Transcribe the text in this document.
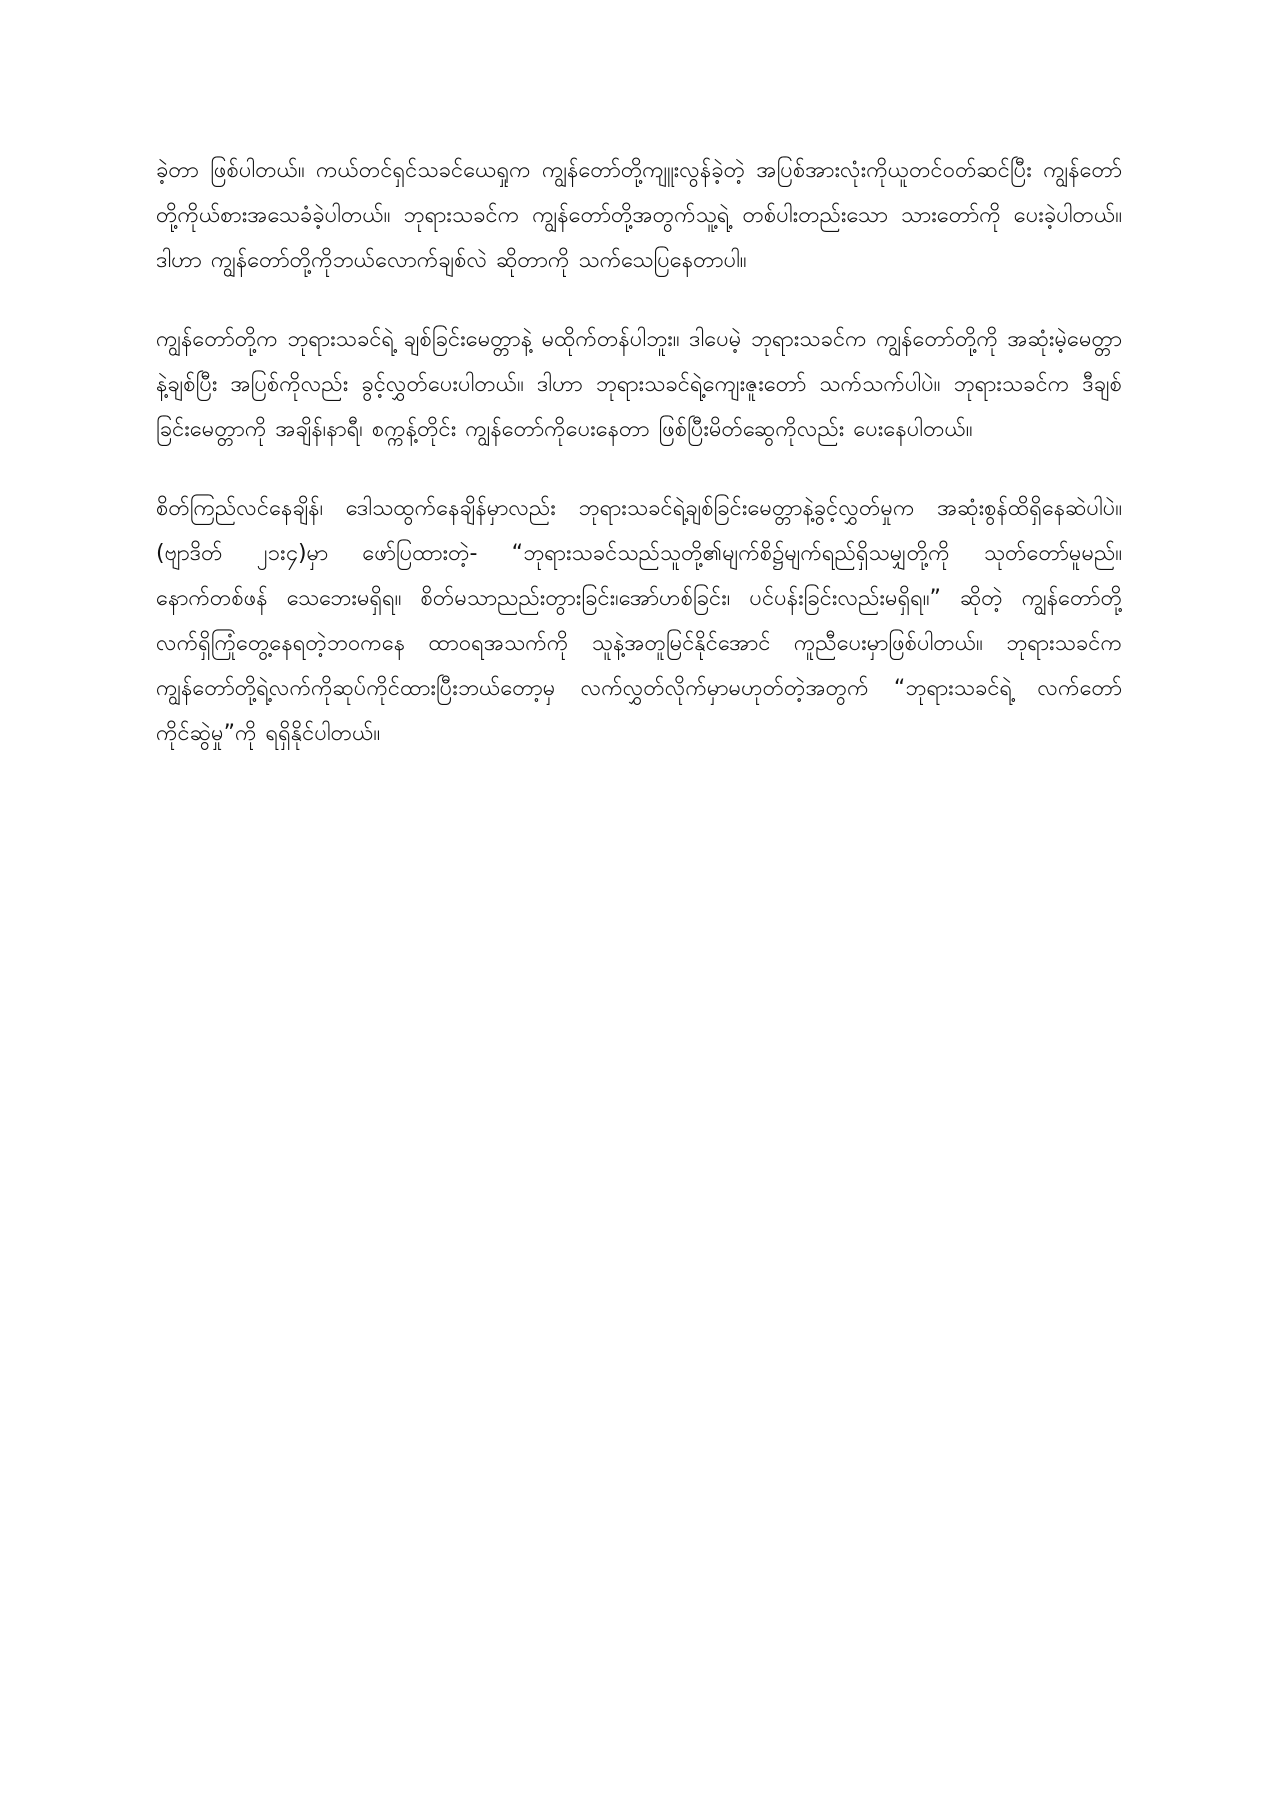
ခဲ့တာ ဖြစ်ပါတယ်။ ကယ်တင်ရှင်သခင်ယေရှုက ကျွန်တော်တို့ကျူးလွန်ခဲ့တဲ့ အပြစ်အားလုံးကိုယူတင်ဝတ်ဆင်ပြီး ကျွန်တော်တို့ကိုယ်စားအသေခံခဲ့ပါတယ်။ ဘုရားသခင်က ကျွန်တော်တို့အတွက်သူ့ရဲ့ တစ်ပါးတည်းသော သားတော်ကို ပေးခဲ့ပါတယ်။ ဒါဟာ ကျွန်တော်တို့ကိုဘယ်လောက်ချစ်လဲ ဆိုတာကို သက်သေပြနေတာပါ။

ကျွန်တော်တို့က ဘုရားသခင်ရဲ့ ချစ်ခြင်းမေတ္တာနဲ့ မထိုက်တန်ပါဘူး။ ဒါပေမဲ့ ဘုရားသခင်က ကျွန်တော်တို့ကို အဆုံးမဲ့မေတ္တာနဲ့ချစ်ပြီး အပြစ်ကိုလည်း ခွင့်လွှတ်ပေးပါတယ်။ ဒါဟာ ဘုရားသခင်ရဲ့ကျေးဇူးတော် သက်သက်ပါပဲ။ ဘုရားသခင်က ဒီချစ်ခြင်းမေတ္တာကို အချိန်၊နာရီ၊ စက္ကန့်တိုင်း ကျွန်တော်ကိုပေးနေတာ ဖြစ်ပြီးမိတ်ဆွေကိုလည်း ပေးနေပါတယ်။

စိတ်ကြည်လင်နေချိန်၊ ဒေါသထွက်နေချိန်မှာလည်း ဘုရားသခင်ရဲ့ချစ်ခြင်းမေတ္တာနဲ့ခွင့်လွှတ်မှုက အဆုံးစွန်ထိရှိနေဆဲပါပဲ။ (ဗျာဒိတ် ၂၁း၄)မှာ ဖော်ပြထားတဲ့- “ဘုရားသခင်သည်သူတို့၏မျက်စိ၌မျက်ရည်ရှိသမျှတို့ကို သုတ်တော်မူမည်။ နောက်တစ်ဖန် သေဘေးမရှိရ။ စိတ်မသာညည်းတွားခြင်း၊အော်ဟစ်ခြင်း၊ ပင်ပန်းခြင်းလည်းမရှိရ။” ဆိုတဲ့ ကျွန်တော်တို့ လက်ရှိကြုံတွေ့နေရတဲ့ဘဝကနေ ထာဝရအသက်ကို သူနဲ့အတူမြင်နိုင်အောင် ကူညီပေးမှာဖြစ်ပါတယ်။ ဘုရားသခင်ကကျွန်တော်တို့ရဲ့လက်ကိုဆုပ်ကိုင်ထားပြီးဘယ်တော့မှ လက်လွှတ်လိုက်မှာမဟုတ်တဲ့အတွက် “ဘုရားသခင်ရဲ့ လက်တော်ကိုင်ဆွဲမှု”ကို ရရှိနိုင်ပါတယ်။
